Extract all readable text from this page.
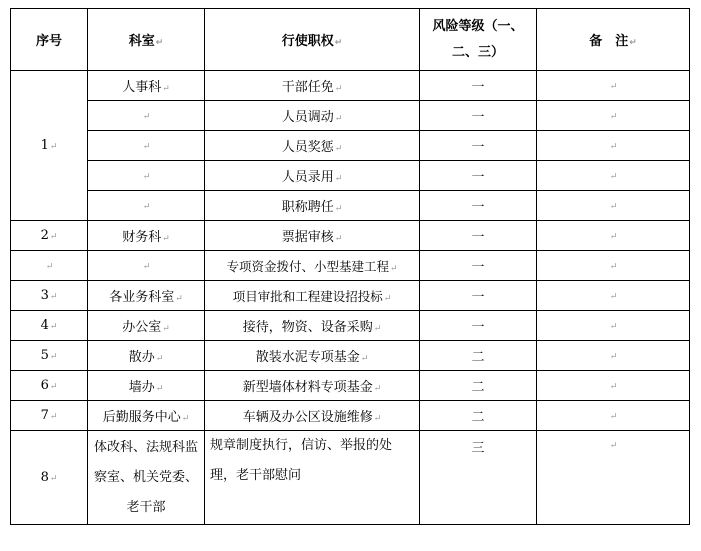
序号	科室↵	行使职权↵	风险等级（一、二、三）	备　注↵
1↵	人事科↵	干部任免↵	一	↵
	↵	人员调动↵	一	↵
	↵	人员奖惩↵	一	↵
	↵	人员录用↵	一	↵
	↵	职称聘任↵	一	↵
2↵	财务科↵	票据审核↵	一	↵
↵	↵	专项资金拨付、小型基建工程↵	一	↵
3↵	各业务科室↵	项目审批和工程建设招投标↵	一	↵
4↵	办公室↵	接待，物资、设备采购↵	一	↵
5↵	散办↵	散装水泥专项基金↵	二	↵
6↵	墙办↵	新型墙体材料专项基金↵	二	↵
7↵	后勤服务中心↵	车辆及办公区设施维修↵	二	↵
8↵	体改科、法规科监察室、机关党委、老干部	规章制度执行，信访、举报的处理，老干部慰问	三	↵
